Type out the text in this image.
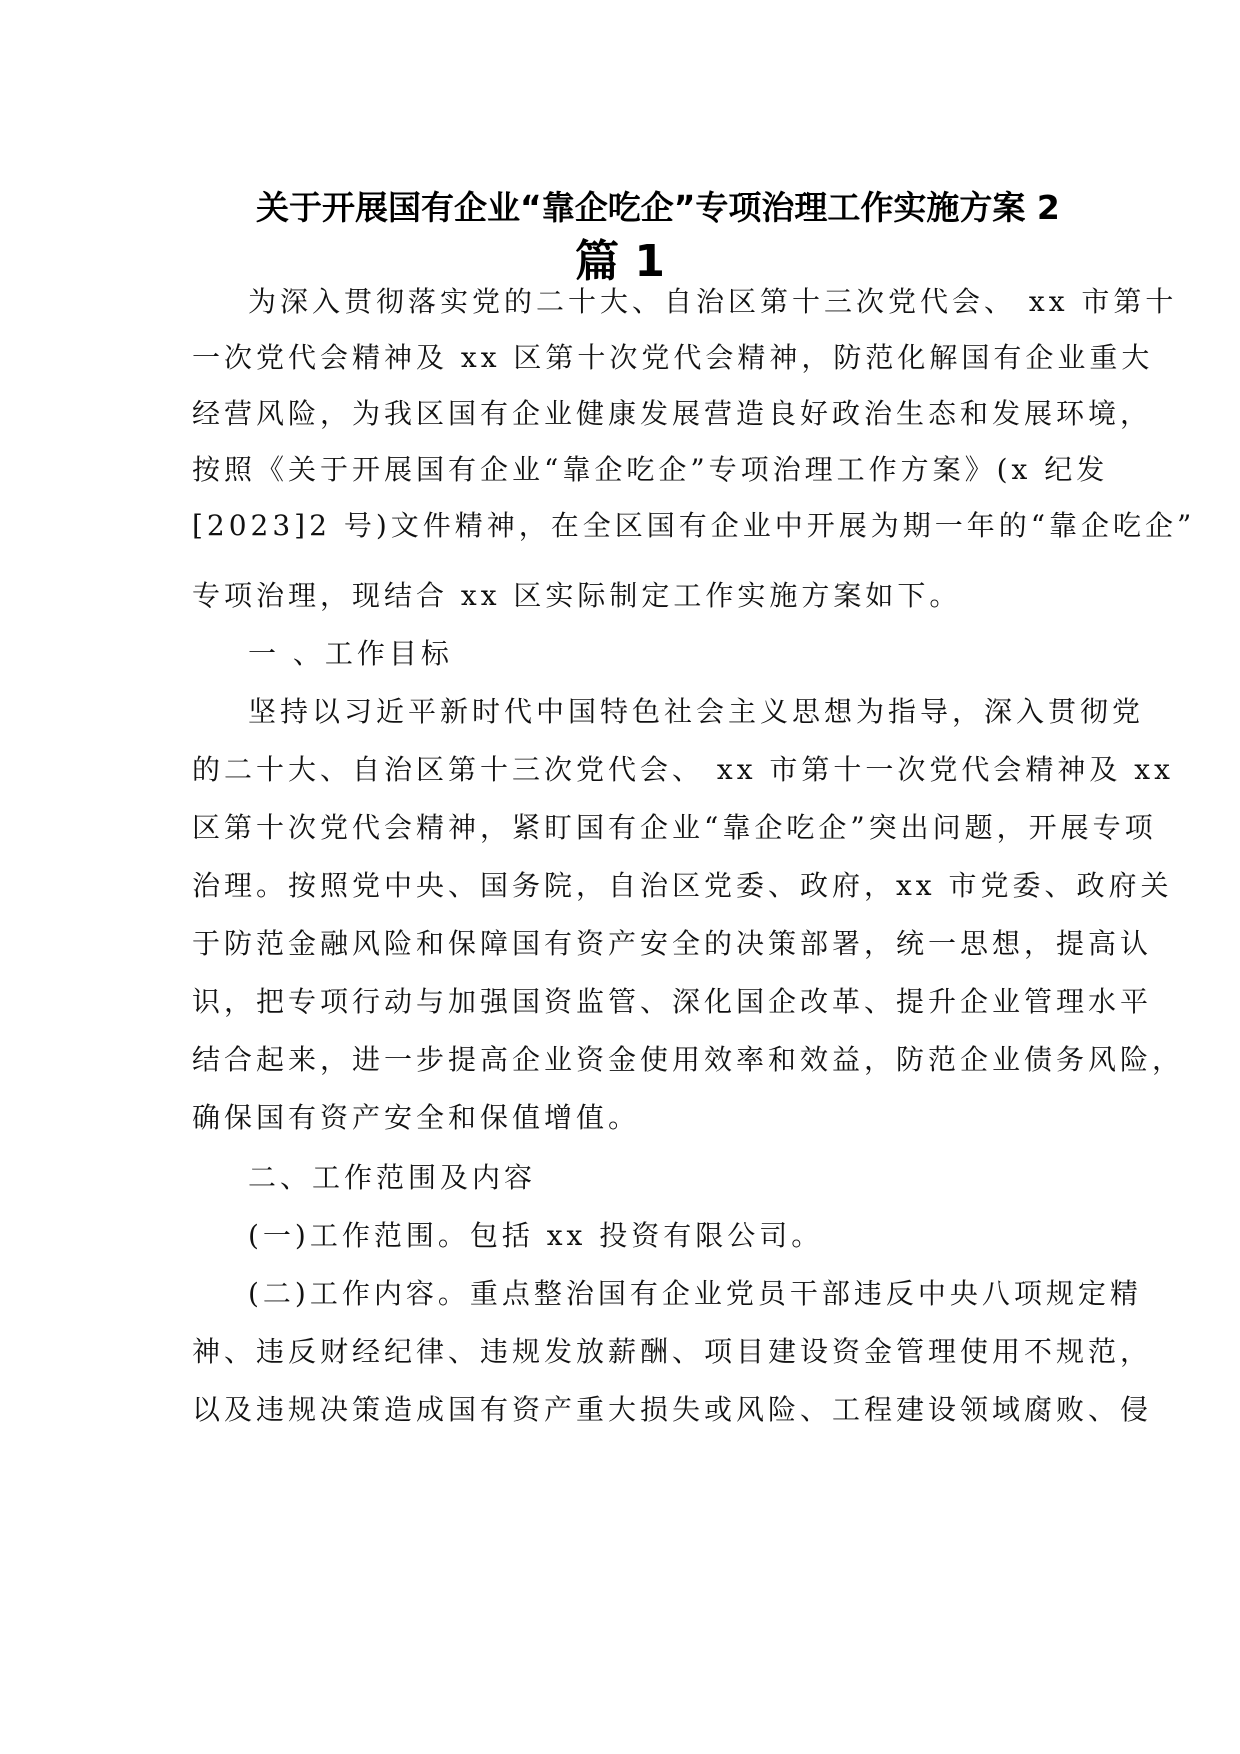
关于开展国有企业“靠企吃企”专项治理工作实施方案 2
篇 1
为深入贯彻落实党的二十大、自治区第十三次党代会、 xx 市第十
一次党代会精神及 xx 区第十次党代会精神，防范化解国有企业重大
经营风险，为我区国有企业健康发展营造良好政治生态和发展环境，
按照《关于开展国有企业“靠企吃企”专项治理工作方案》(x 纪发
[2023]2 号)文件精神，在全区国有企业中开展为期一年的“靠企吃企”
专项治理，现结合 xx 区实际制定工作实施方案如下。
一 、工作目标
坚持以习近平新时代中国特色社会主义思想为指导，深入贯彻党
的二十大、自治区第十三次党代会、 xx 市第十一次党代会精神及 xx
区第十次党代会精神，紧盯国有企业“靠企吃企”突出问题，开展专项
治理。按照党中央、国务院，自治区党委、政府，xx 市党委、政府关
于防范金融风险和保障国有资产安全的决策部署，统一思想，提高认
识，把专项行动与加强国资监管、深化国企改革、提升企业管理水平
结合起来，进一步提高企业资金使用效率和效益，防范企业债务风险，
确保国有资产安全和保值增值。
二、工作范围及内容
(一)工作范围。包括 xx 投资有限公司。
(二)工作内容。重点整治国有企业党员干部违反中央八项规定精
神、违反财经纪律、违规发放薪酬、项目建设资金管理使用不规范，
以及违规决策造成国有资产重大损失或风险、工程建设领域腐败、侵
